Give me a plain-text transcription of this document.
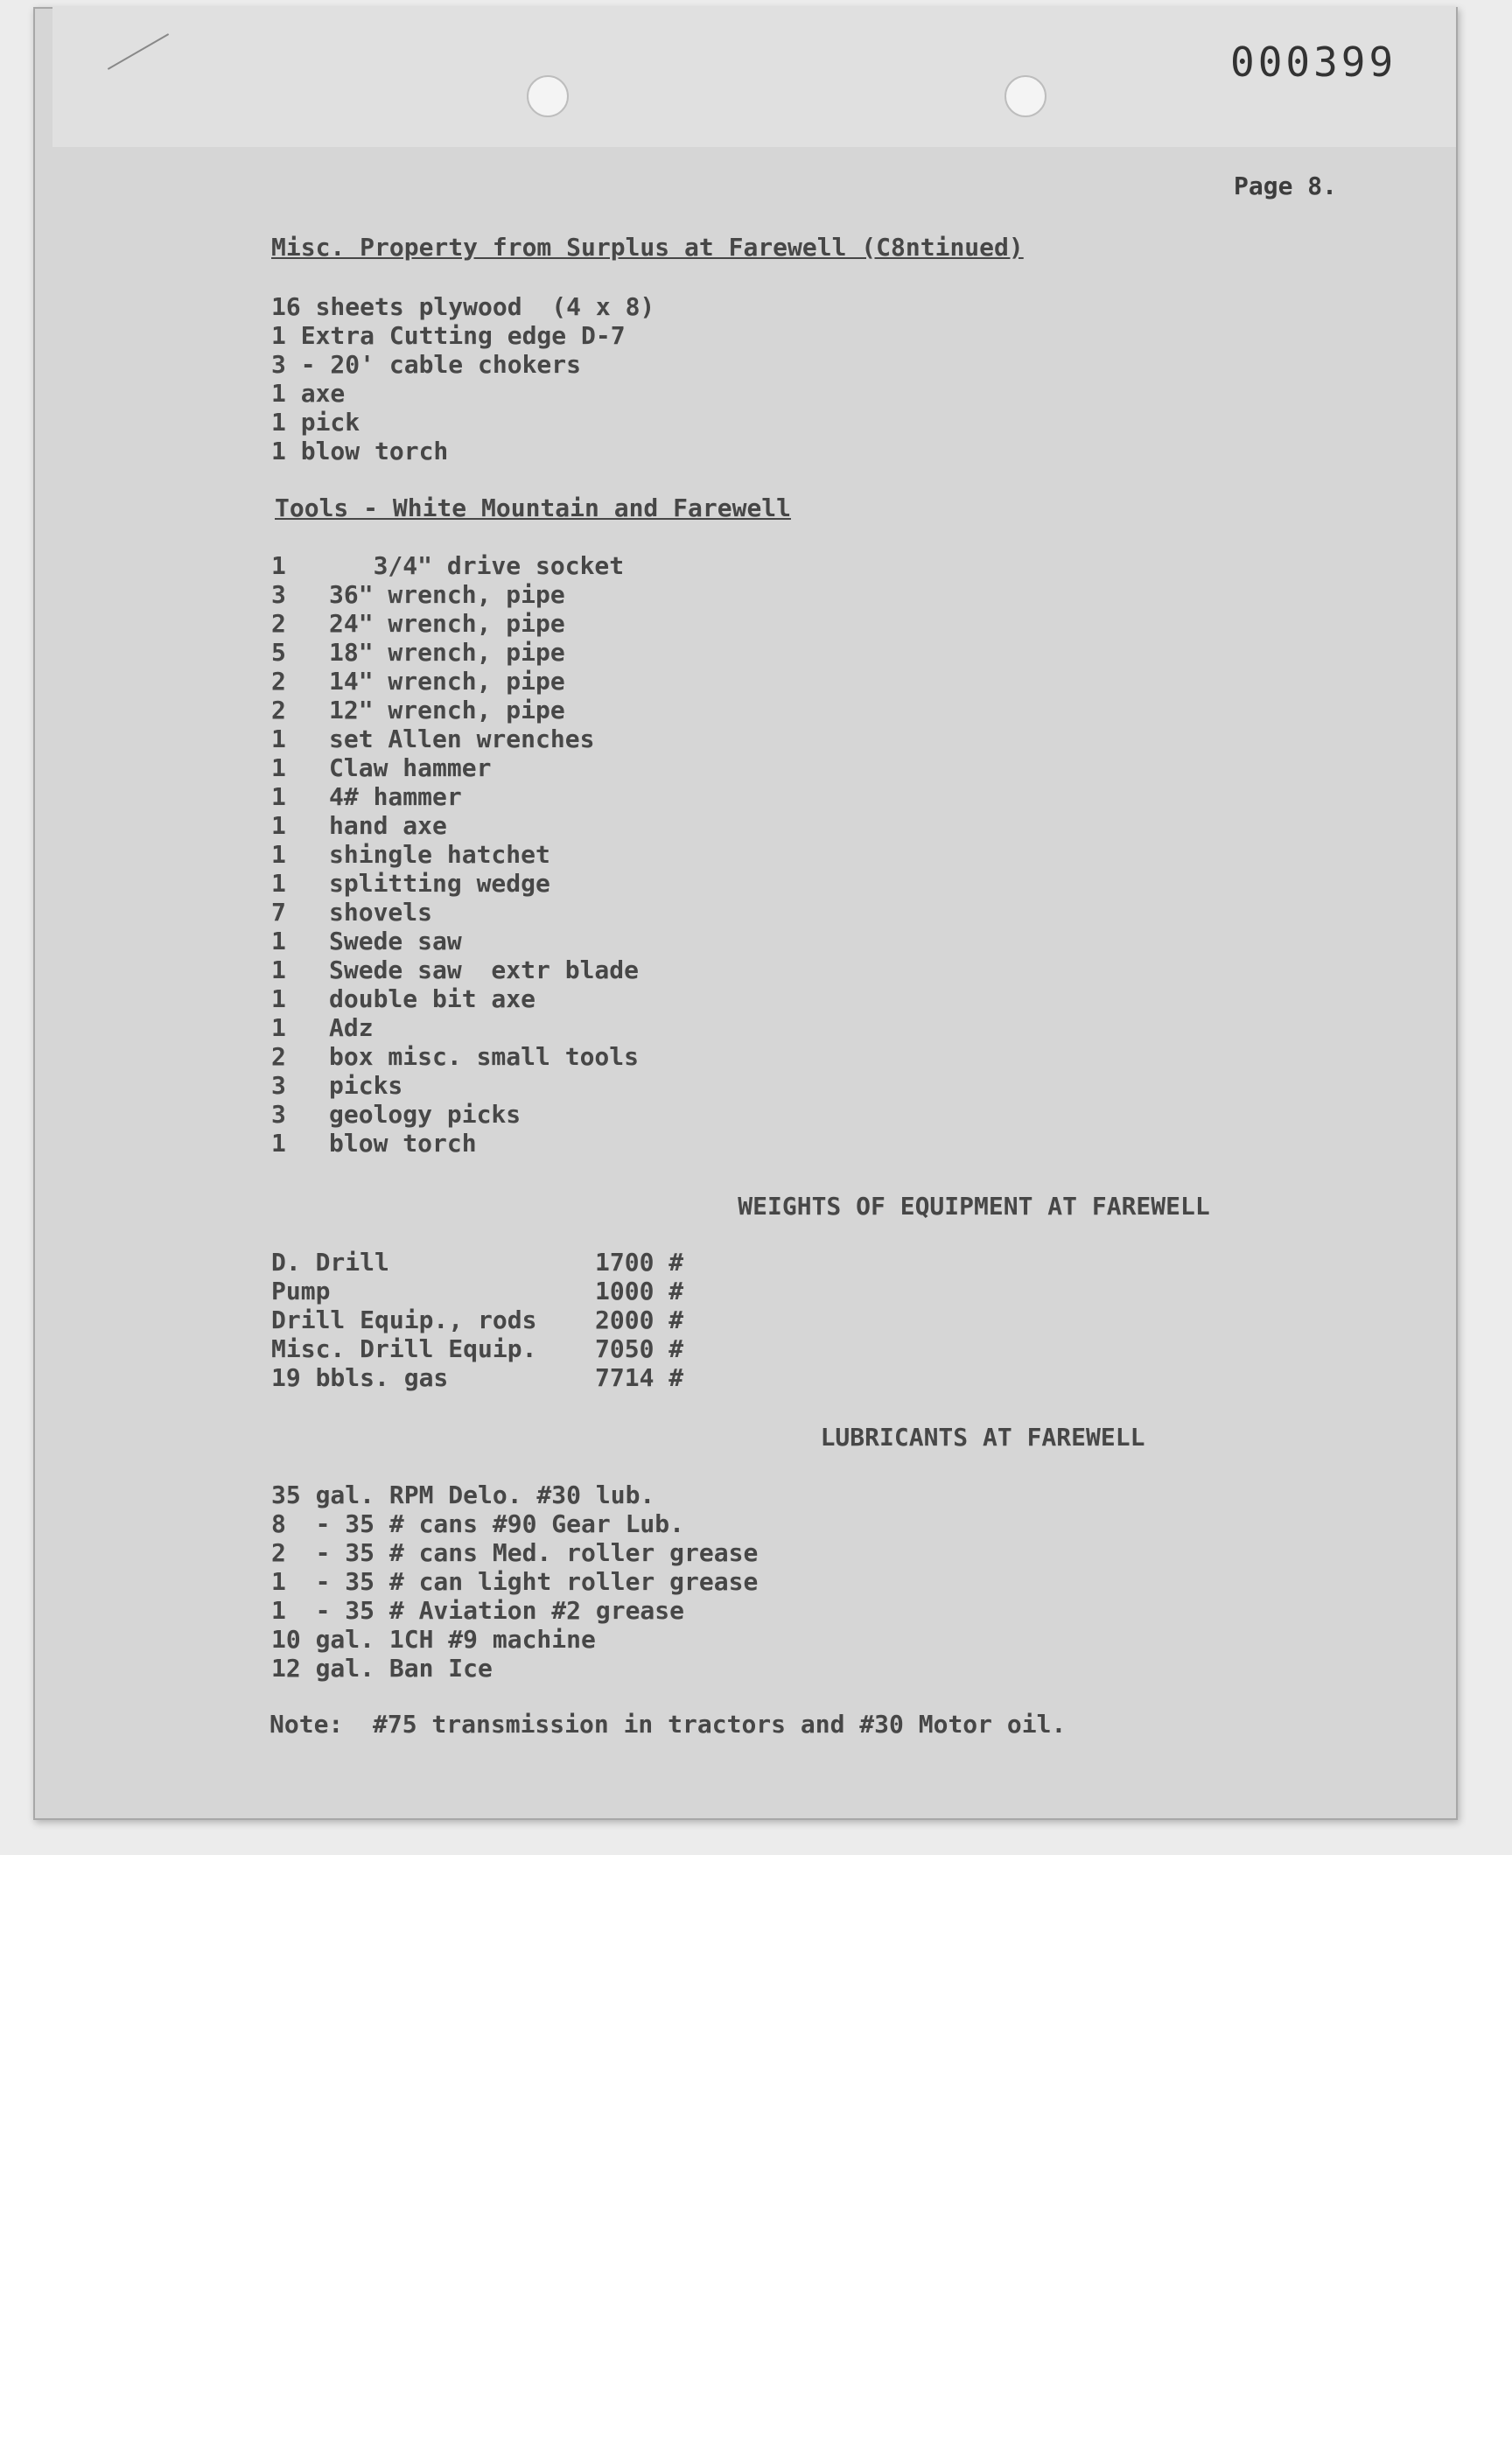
000399
Page 8.
Misc. Property from Surplus at Farewell (C8ntinued)
16 sheets plywood  (4 x 8)
1 Extra Cutting edge D-7
3 - 20' cable chokers
1 axe
1 pick
1 blow torch
Tools - White Mountain and Farewell
1   3/4" drive socket
3 36" wrench, pipe
2 24" wrench, pipe
5 18" wrench, pipe
2 14" wrench, pipe
2 12" wrench, pipe
1 set Allen wrenches
1 Claw hammer
1 4# hammer
1 hand axe
1 shingle hatchet
1 splitting wedge
7 shovels
1 Swede saw
1 Swede saw  extr blade
1 double bit axe
1 Adz
2 box misc. small tools
3 picks
3 geology picks
1 blow torch
WEIGHTS OF EQUIPMENT AT FAREWELL
D. Drill	1700 #
Pump	1000 #
Drill Equip., rods 2000 #
Misc. Drill Equip. 7050 #
19 bbls. gas	7714 #
LUBRICANTS AT FAREWELL
35 gal. RPM Delo. #30 lub.
8  - 35 # cans #90 Gear Lub.
2  - 35 # cans Med. roller grease
1  - 35 # can light roller grease
1  - 35 # Aviation #2 grease
10 gal. 1CH #9 machine
12 gal. Ban Ice
Note:  #75 transmission in tractors and #30 Motor oil.
